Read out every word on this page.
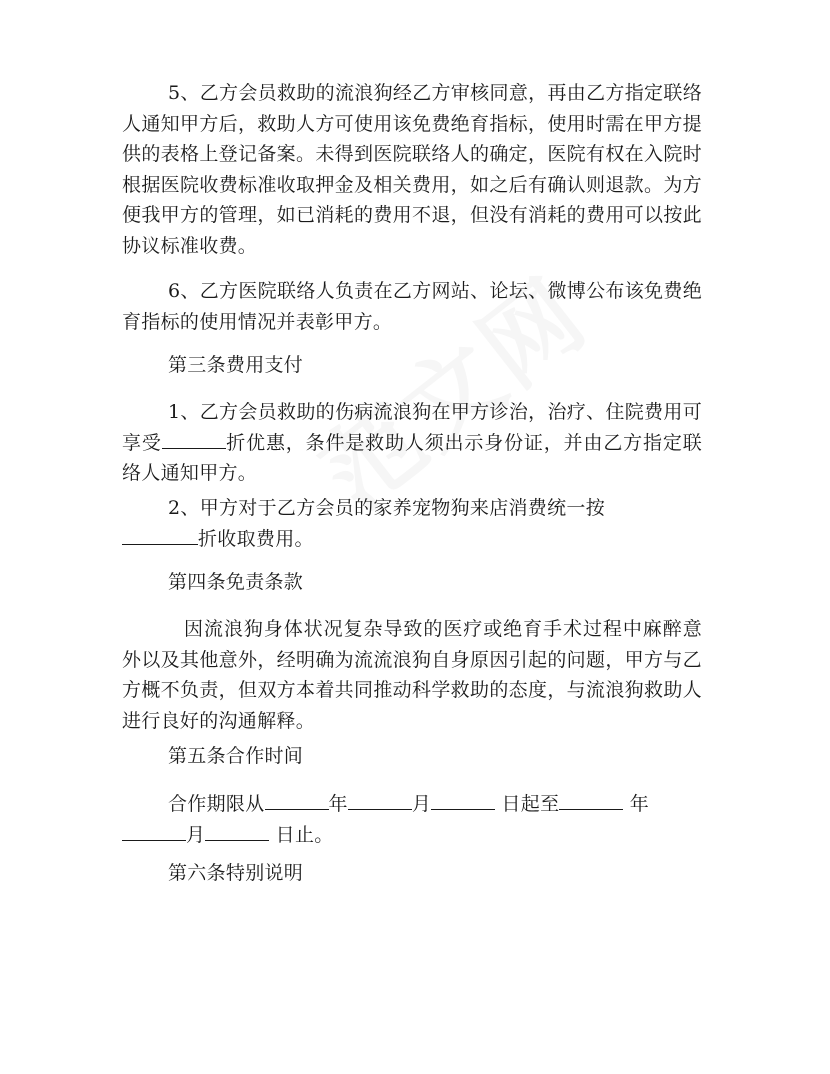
5、乙方会员救助的流浪狗经乙方审核同意，再由乙方指定联络人通知甲方后，救助人方可使用该免费绝育指标，使用时需在甲方提供的表格上登记备案。未得到医院联络人的确定，医院有权在入院时根据医院收费标准收取押金及相关费用，如之后有确认则退款。为方便我甲方的管理，如已消耗的费用不退，但没有消耗的费用可以按此协议标准收费。

6、乙方医院联络人负责在乙方网站、论坛、微博公布该免费绝育指标的使用情况并表彰甲方。

第三条费用支付

1、乙方会员救助的伤病流浪狗在甲方诊治，治疗、住院费用可享受	折优惠，条件是救助人须出示身份证，并由乙方指定联络人通知甲方。

2、甲方对于乙方会员的家养宠物狗来店消费统一按
折收取费用。

第四条免责条款

因流浪狗身体状况复杂导致的医疗或绝育手术过程中麻醉意外以及其他意外，经明确为流流浪狗自身原因引起的问题，甲方与乙方概不负责，但双方本着共同推动科学救助的态度，与流浪狗救助人进行良好的沟通解释。

第五条合作时间

合作期限从	年	月	日起至	年
月	日止。

第六条特别说明
